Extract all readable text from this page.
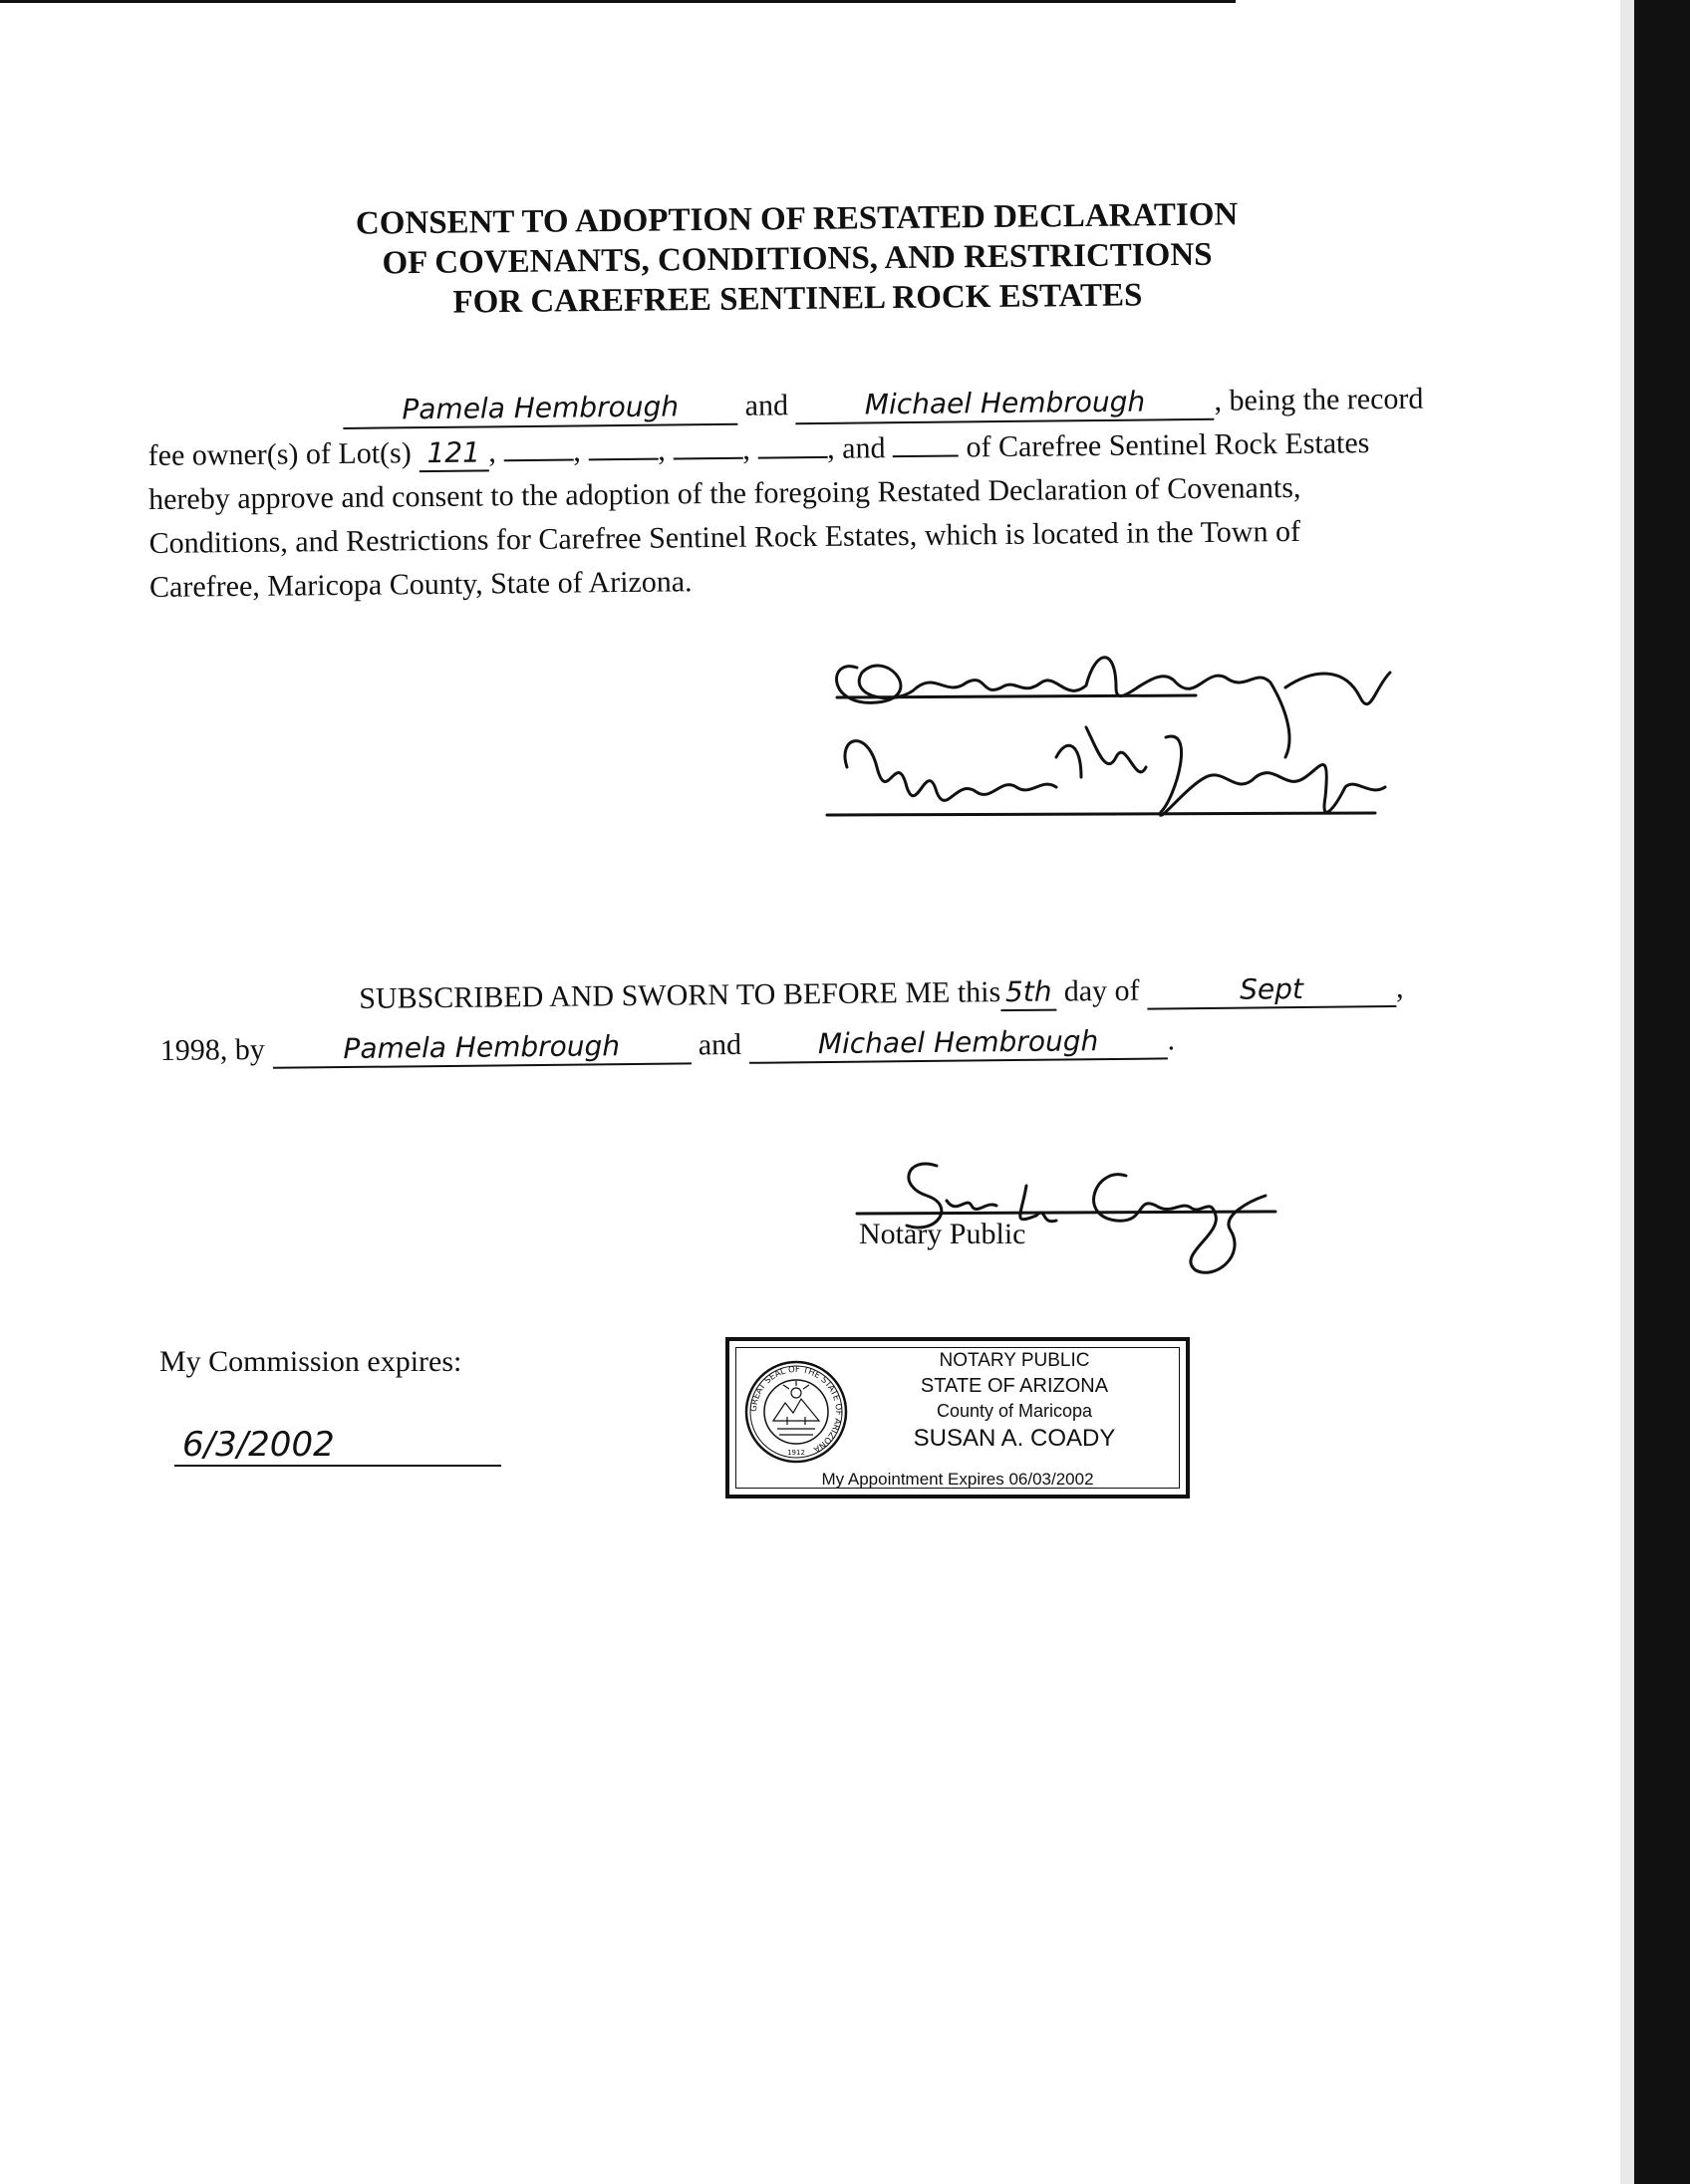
CONSENT TO ADOPTION OF RESTATED DECLARATION
OF COVENANTS, CONDITIONS, AND RESTRICTIONS
FOR CAREFREE SENTINEL ROCK ESTATES
Pamela Hembrough and	Michael Hembrough , being the record
fee owner(s) of Lot(s) 121 ,	,	,	,	, and	of Carefree Sentinel Rock Estates
hereby approve and consent to the adoption of the foregoing Restated Declaration of Covenants,
Conditions, and Restrictions for Carefree Sentinel Rock Estates, which is located in the Town of
Carefree, Maricopa County, State of Arizona.
SUBSCRIBED AND SWORN TO BEFORE ME this 5th day of	Sept	,
1998, by	Pamela Hembrough	and	Michael Hembrough .
Notary Public
My Commission expires:
6/3/2002
GREAT SEAL OF THE STATE OF ARIZONA
1912
NOTARY PUBLIC
STATE OF ARIZONA
County of Maricopa
SUSAN A. COADY
My Appointment Expires 06/03/2002
